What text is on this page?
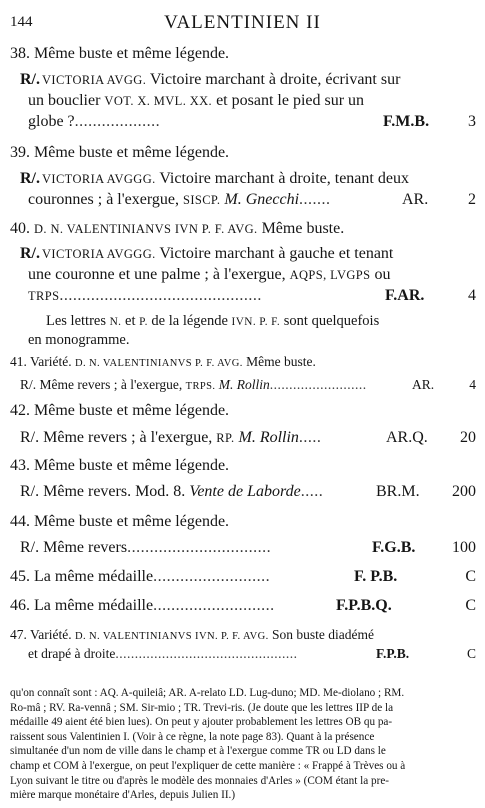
144	VALENTINIEN II
38. Même buste et même légende.
R/. VICTORIA AVGG. Victoire marchant à droite, écrivant sur
un bouclier VOT. X. MVL. XX. et posant le pied sur un
globe ?...................	F.M.B. 3
39. Même buste et même légende.
R/. VICTORIA AVGGG. Victoire marchant à droite, tenant deux
couronnes ; à l'exergue, SISCP. M. Gnecchi.......	AR. 2
40. D. N. VALENTINIANVS IVN P. F. AVG. Même buste.
R/. VICTORIA AVGGG. Victoire marchant à gauche et tenant
une couronne et une palme ; à l'exergue, AQPS, LVGPS ou
TRPS.............................................	F.AR.	4
Les lettres N. et P. de la légende IVN. P. F. sont quelquefois
en monogramme.
41. Variété. D. N. VALENTINIANVS P. F. AVG. Même buste.
R/. Même revers ; à l'exergue, TRPS. M. Rollin.........................	AR.	4
42. Même buste et même légende.
R/. Même revers ; à l'exergue, RP. M. Rollin.....	AR.Q. 20
43. Même buste et même légende.
R/. Même revers. Mod. 8. Vente de Laborde.....	BR.M. 200
44. Même buste et même légende.
R/. Même revers................................	F.G.B. 100
45. La même médaille..........................	F. P.B.	C
46. La même médaille...........................	F.P.B.Q.	C
47. Variété. D. N. VALENTINIANVS IVN. P. F. AVG. Son buste diadémé
et drapé à droite...............................................	F.P.B.	C
qu'on connaît sont : AQ. A-quileiâ; AR. A-relato LD. Lug-duno; MD. Me-diolano ; RM.
Ro-mâ ; RV. Ra-vennâ ; SM. Sir-mio ; TR. Trevi-ris. (Je doute que les lettres IIP de la
médaille 49 aient été bien lues). On peut y ajouter probablement les lettres OB qu pa-
raissent sous Valentinien I. (Voir à ce règne, la note page 83). Quant à la présence
simultanée d'un nom de ville dans le champ et à l'exergue comme TR ou LD dans le
champ et COM à l'exergue, on peut l'expliquer de cette manière : « Frappé à Trèves ou à
Lyon suivant le titre ou d'après le modèle des monnaies d'Arles » (COM étant la pre-
mière marque monétaire d'Arles, depuis Julien II.)
